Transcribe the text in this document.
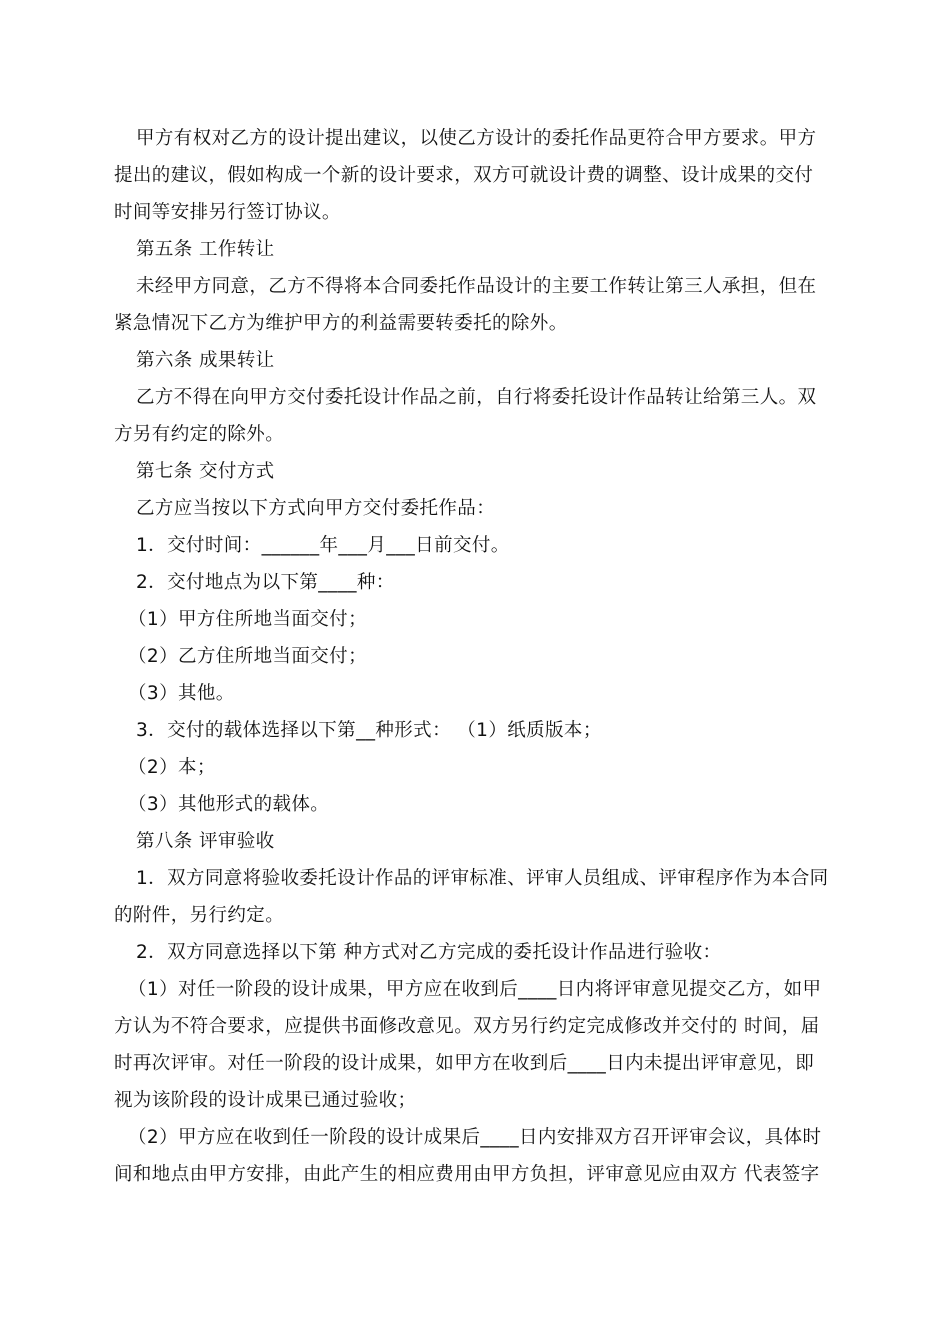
甲方有权对乙方的设计提出建议，以使乙方设计的委托作品更符合甲方要求。甲方
提出的建议，假如构成一个新的设计要求，双方可就设计费的调整、设计成果的交付
时间等安排另行签订协议。
第五条 工作转让
未经甲方同意，乙方不得将本合同委托作品设计的主要工作转让第三人承担，但在
紧急情况下乙方为维护甲方的利益需要转委托的除外。
第六条 成果转让
乙方不得在向甲方交付委托设计作品之前，自行将委托设计作品转让给第三人。双
方另有约定的除外。
第七条 交付方式
乙方应当按以下方式向甲方交付委托作品：
1．交付时间：______年___月___日前交付。
2．交付地点为以下第____种：
（1）甲方住所地当面交付；
（2）乙方住所地当面交付；
（3）其他。
3．交付的载体选择以下第__种形式： （1）纸质版本；
（2）本；
（3）其他形式的载体。
第八条 评审验收
1．双方同意将验收委托设计作品的评审标准、评审人员组成、评审程序作为本合同
的附件，另行约定。
2．双方同意选择以下第 种方式对乙方完成的委托设计作品进行验收：
（1）对任一阶段的设计成果，甲方应在收到后____日内将评审意见提交乙方，如甲
方认为不符合要求，应提供书面修改意见。双方另行约定完成修改并交付的 时间，届
时再次评审。对任一阶段的设计成果，如甲方在收到后____日内未提出评审意见，即
视为该阶段的设计成果已通过验收；
（2）甲方应在收到任一阶段的设计成果后____日内安排双方召开评审会议，具体时
间和地点由甲方安排，由此产生的相应费用由甲方负担，评审意见应由双方 代表签字
